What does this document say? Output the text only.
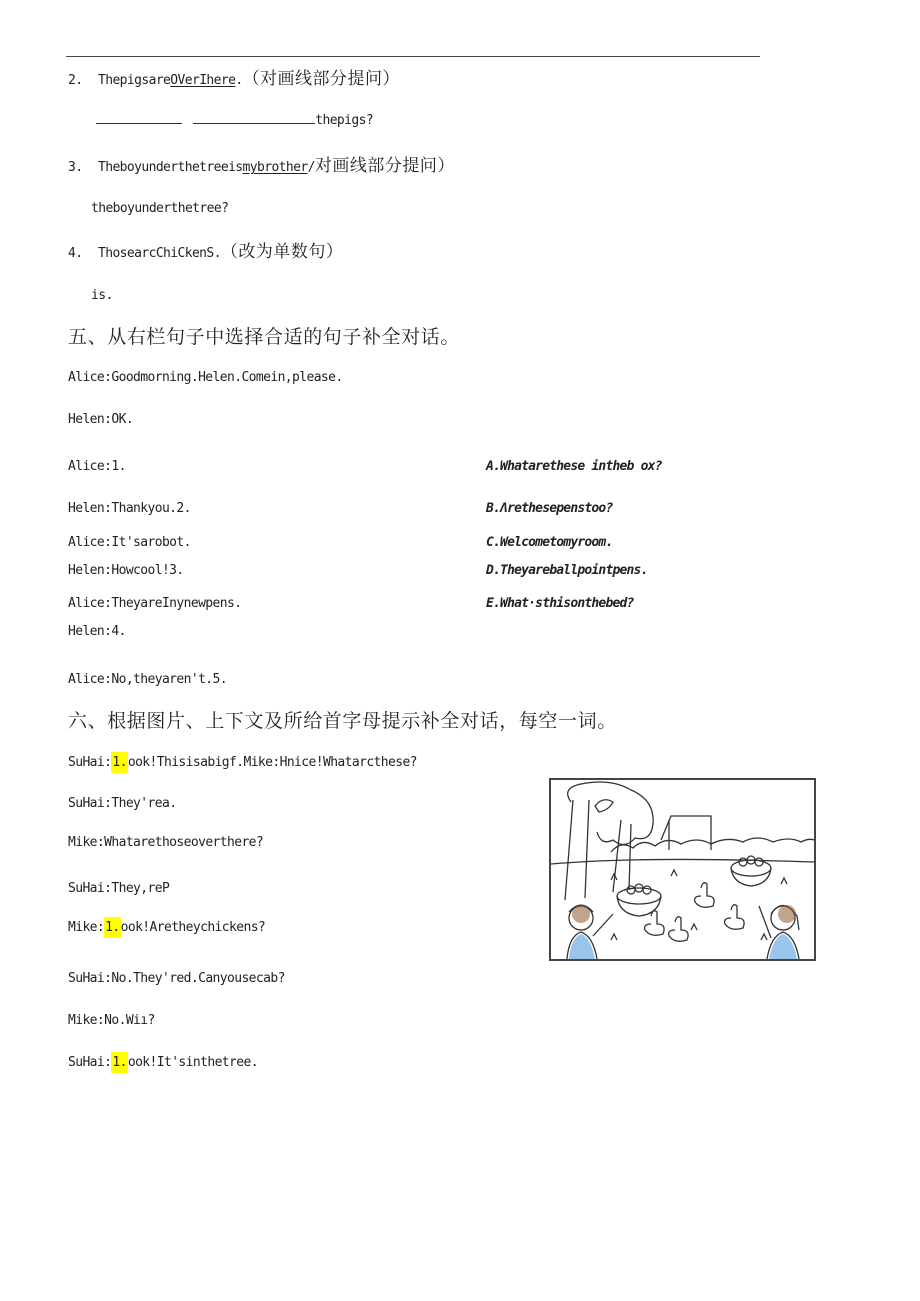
2. ThepigsareOVerIhere.（对画线部分提问）
thepigs?
3. Theboyunderthetreeismybrother/对画线部分提问）
theboyunderthetree?
4. ThosearcChiCkenS.（改为单数句）
is.
五、从右栏句子中选择合适的句子补全对话。
Alice:Goodmorning.Helen.Comein,please.
Helen:OK.
Alice:1.
Helen:Thankyou.2.
Alice:It'sarobot.
Helen:Howcool!3.
Alice:TheyareInynewpens.
Helen:4.
Alice:No,theyaren't.5.
A.Whatarethese intheb ox?
B.Λrethesepenstoo?
C.Welcometomyroom.
D.Theyareballpointpens.
E.What·sthisonthebed?
六、根据图片、上下文及所给首字母提示补全对话，每空一词。
SuHai:1.ook!Thisisabigf.Mike:Hnice!Whatarcthese?
SuHai:They'rea.
Mike:Whatarethoseoverthere?
SuHai:They,reP
Mike:1.ook!Aretheychickens?
SuHai:No.They'red.Canyousecab?
Mike:No.Wiı?
SuHai:1.ook!It'sinthetree.
